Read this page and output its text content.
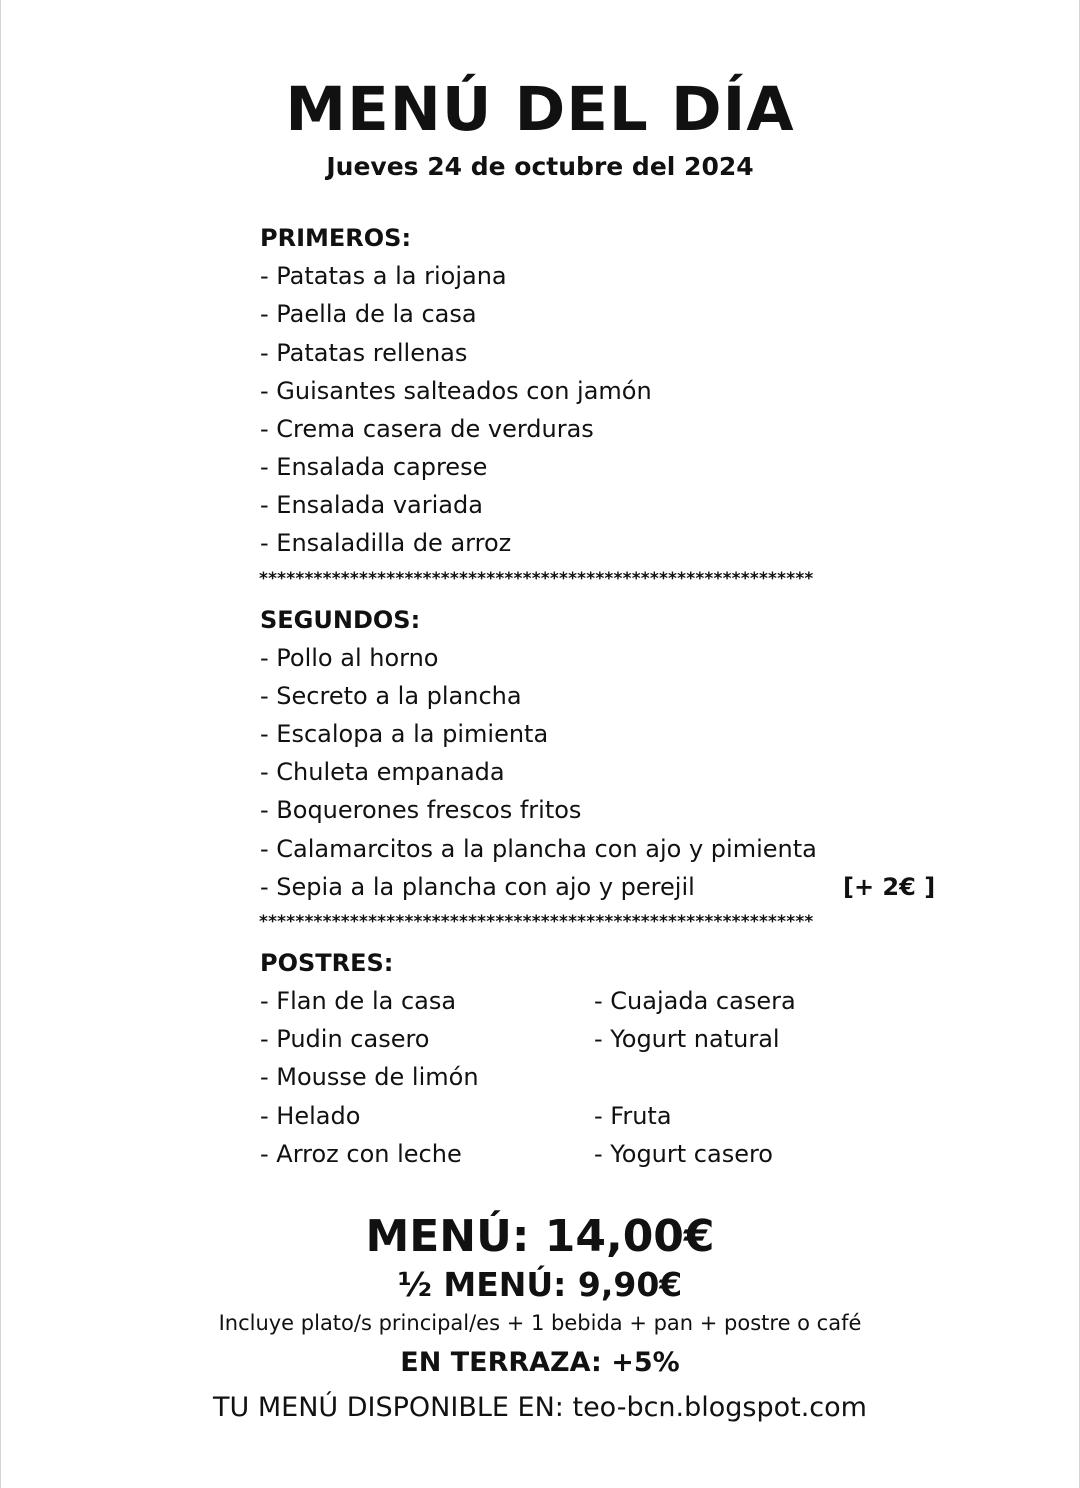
MENÚ DEL DÍA
Jueves 24 de octubre del 2024
PRIMEROS:
- Patatas a la riojana
- Paella de la casa
- Patatas rellenas
- Guisantes salteados con jamón
- Crema casera de verduras
- Ensalada caprese
- Ensalada variada
- Ensaladilla de arroz
*************************************************************
SEGUNDOS:
- Pollo al horno
- Secreto a la plancha
- Escalopa a la pimienta
- Chuleta empanada
- Boquerones frescos fritos
- Calamarcitos a la plancha con ajo y pimienta
- Sepia a la plancha con ajo y perejil	[+ 2€ ]
*************************************************************
POSTRES:
- Flan de la casa
- Pudin casero
- Mousse de limón
- Helado
- Arroz con leche
- Cuajada casera
- Yogurt natural
- Fruta
- Yogurt casero
MENÚ: 14,00€
½ MENÚ: 9,90€
Incluye plato/s principal/es + 1 bebida + pan + postre o café
EN TERRAZA: +5%
TU MENÚ DISPONIBLE EN: teo-bcn.blogspot.com
